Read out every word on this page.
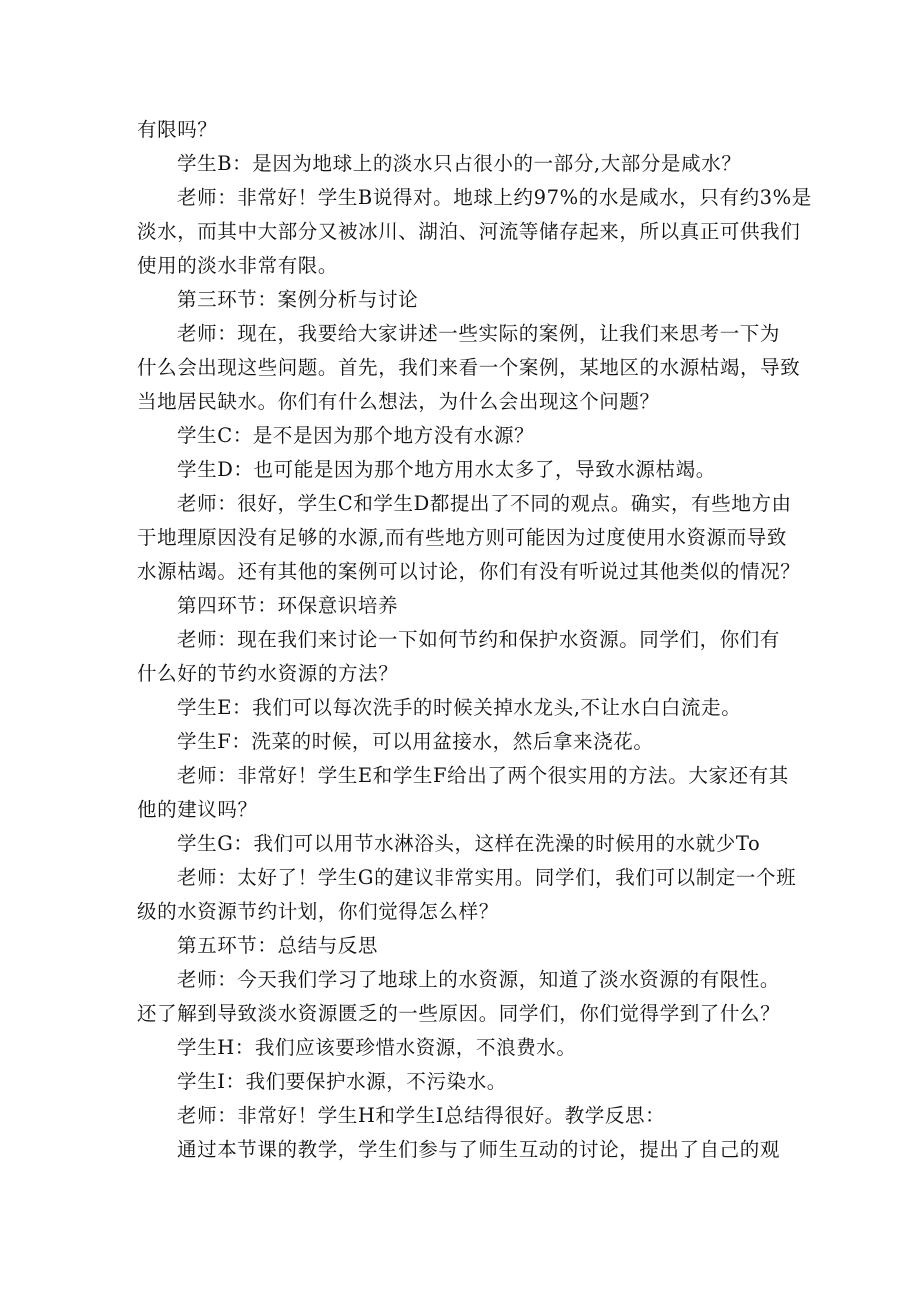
有限吗？
学生B：是因为地球上的淡水只占很小的一部分,大部分是咸水？
老师：非常好！学生B说得对。地球上约97%的水是咸水，只有约3%是
淡水，而其中大部分又被冰川、湖泊、河流等储存起来，所以真正可供我们
使用的淡水非常有限。
第三环节：案例分析与讨论
老师：现在，我要给大家讲述一些实际的案例，让我们来思考一下为
什么会出现这些问题。首先，我们来看一个案例，某地区的水源枯竭，导致
当地居民缺水。你们有什么想法，为什么会出现这个问题？
学生C：是不是因为那个地方没有水源？
学生D：也可能是因为那个地方用水太多了，导致水源枯竭。
老师：很好，学生C和学生D都提出了不同的观点。确实，有些地方由
于地理原因没有足够的水源,而有些地方则可能因为过度使用水资源而导致
水源枯竭。还有其他的案例可以讨论，你们有没有听说过其他类似的情况？
第四环节：环保意识培养
老师：现在我们来讨论一下如何节约和保护水资源。同学们，你们有
什么好的节约水资源的方法？
学生E：我们可以每次洗手的时候关掉水龙头,不让水白白流走。
学生F：洗菜的时候，可以用盆接水，然后拿来浇花。
老师：非常好！学生E和学生F给出了两个很实用的方法。大家还有其
他的建议吗？
学生G：我们可以用节水淋浴头，这样在洗澡的时候用的水就少To
老师：太好了！学生G的建议非常实用。同学们，我们可以制定一个班
级的水资源节约计划，你们觉得怎么样？
第五环节：总结与反思
老师：今天我们学习了地球上的水资源，知道了淡水资源的有限性。
还了解到导致淡水资源匮乏的一些原因。同学们，你们觉得学到了什么？
学生H：我们应该要珍惜水资源，不浪费水。
学生I：我们要保护水源，不污染水。
老师：非常好！学生H和学生I总结得很好。教学反思：
通过本节课的教学，学生们参与了师生互动的讨论，提出了自己的观
